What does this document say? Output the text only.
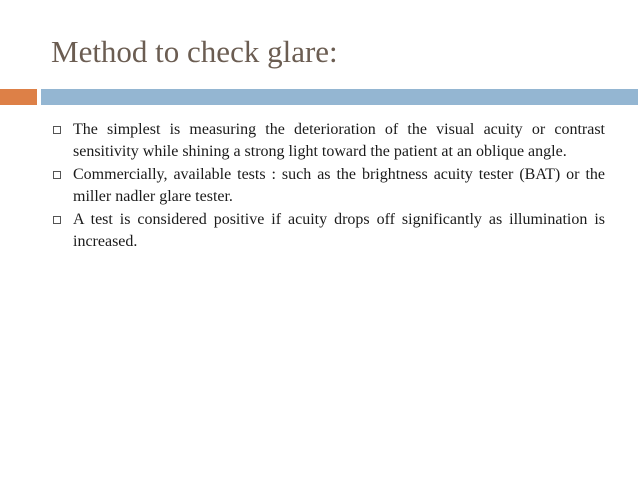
Method to check glare:
The simplest is measuring the deterioration of the visual acuity or contrast sensitivity while shining a strong light toward the patient at an oblique angle.
Commercially, available tests : such as the brightness acuity tester (BAT) or the miller nadler glare tester.
A test is considered positive if acuity drops off significantly as illumination is increased.
